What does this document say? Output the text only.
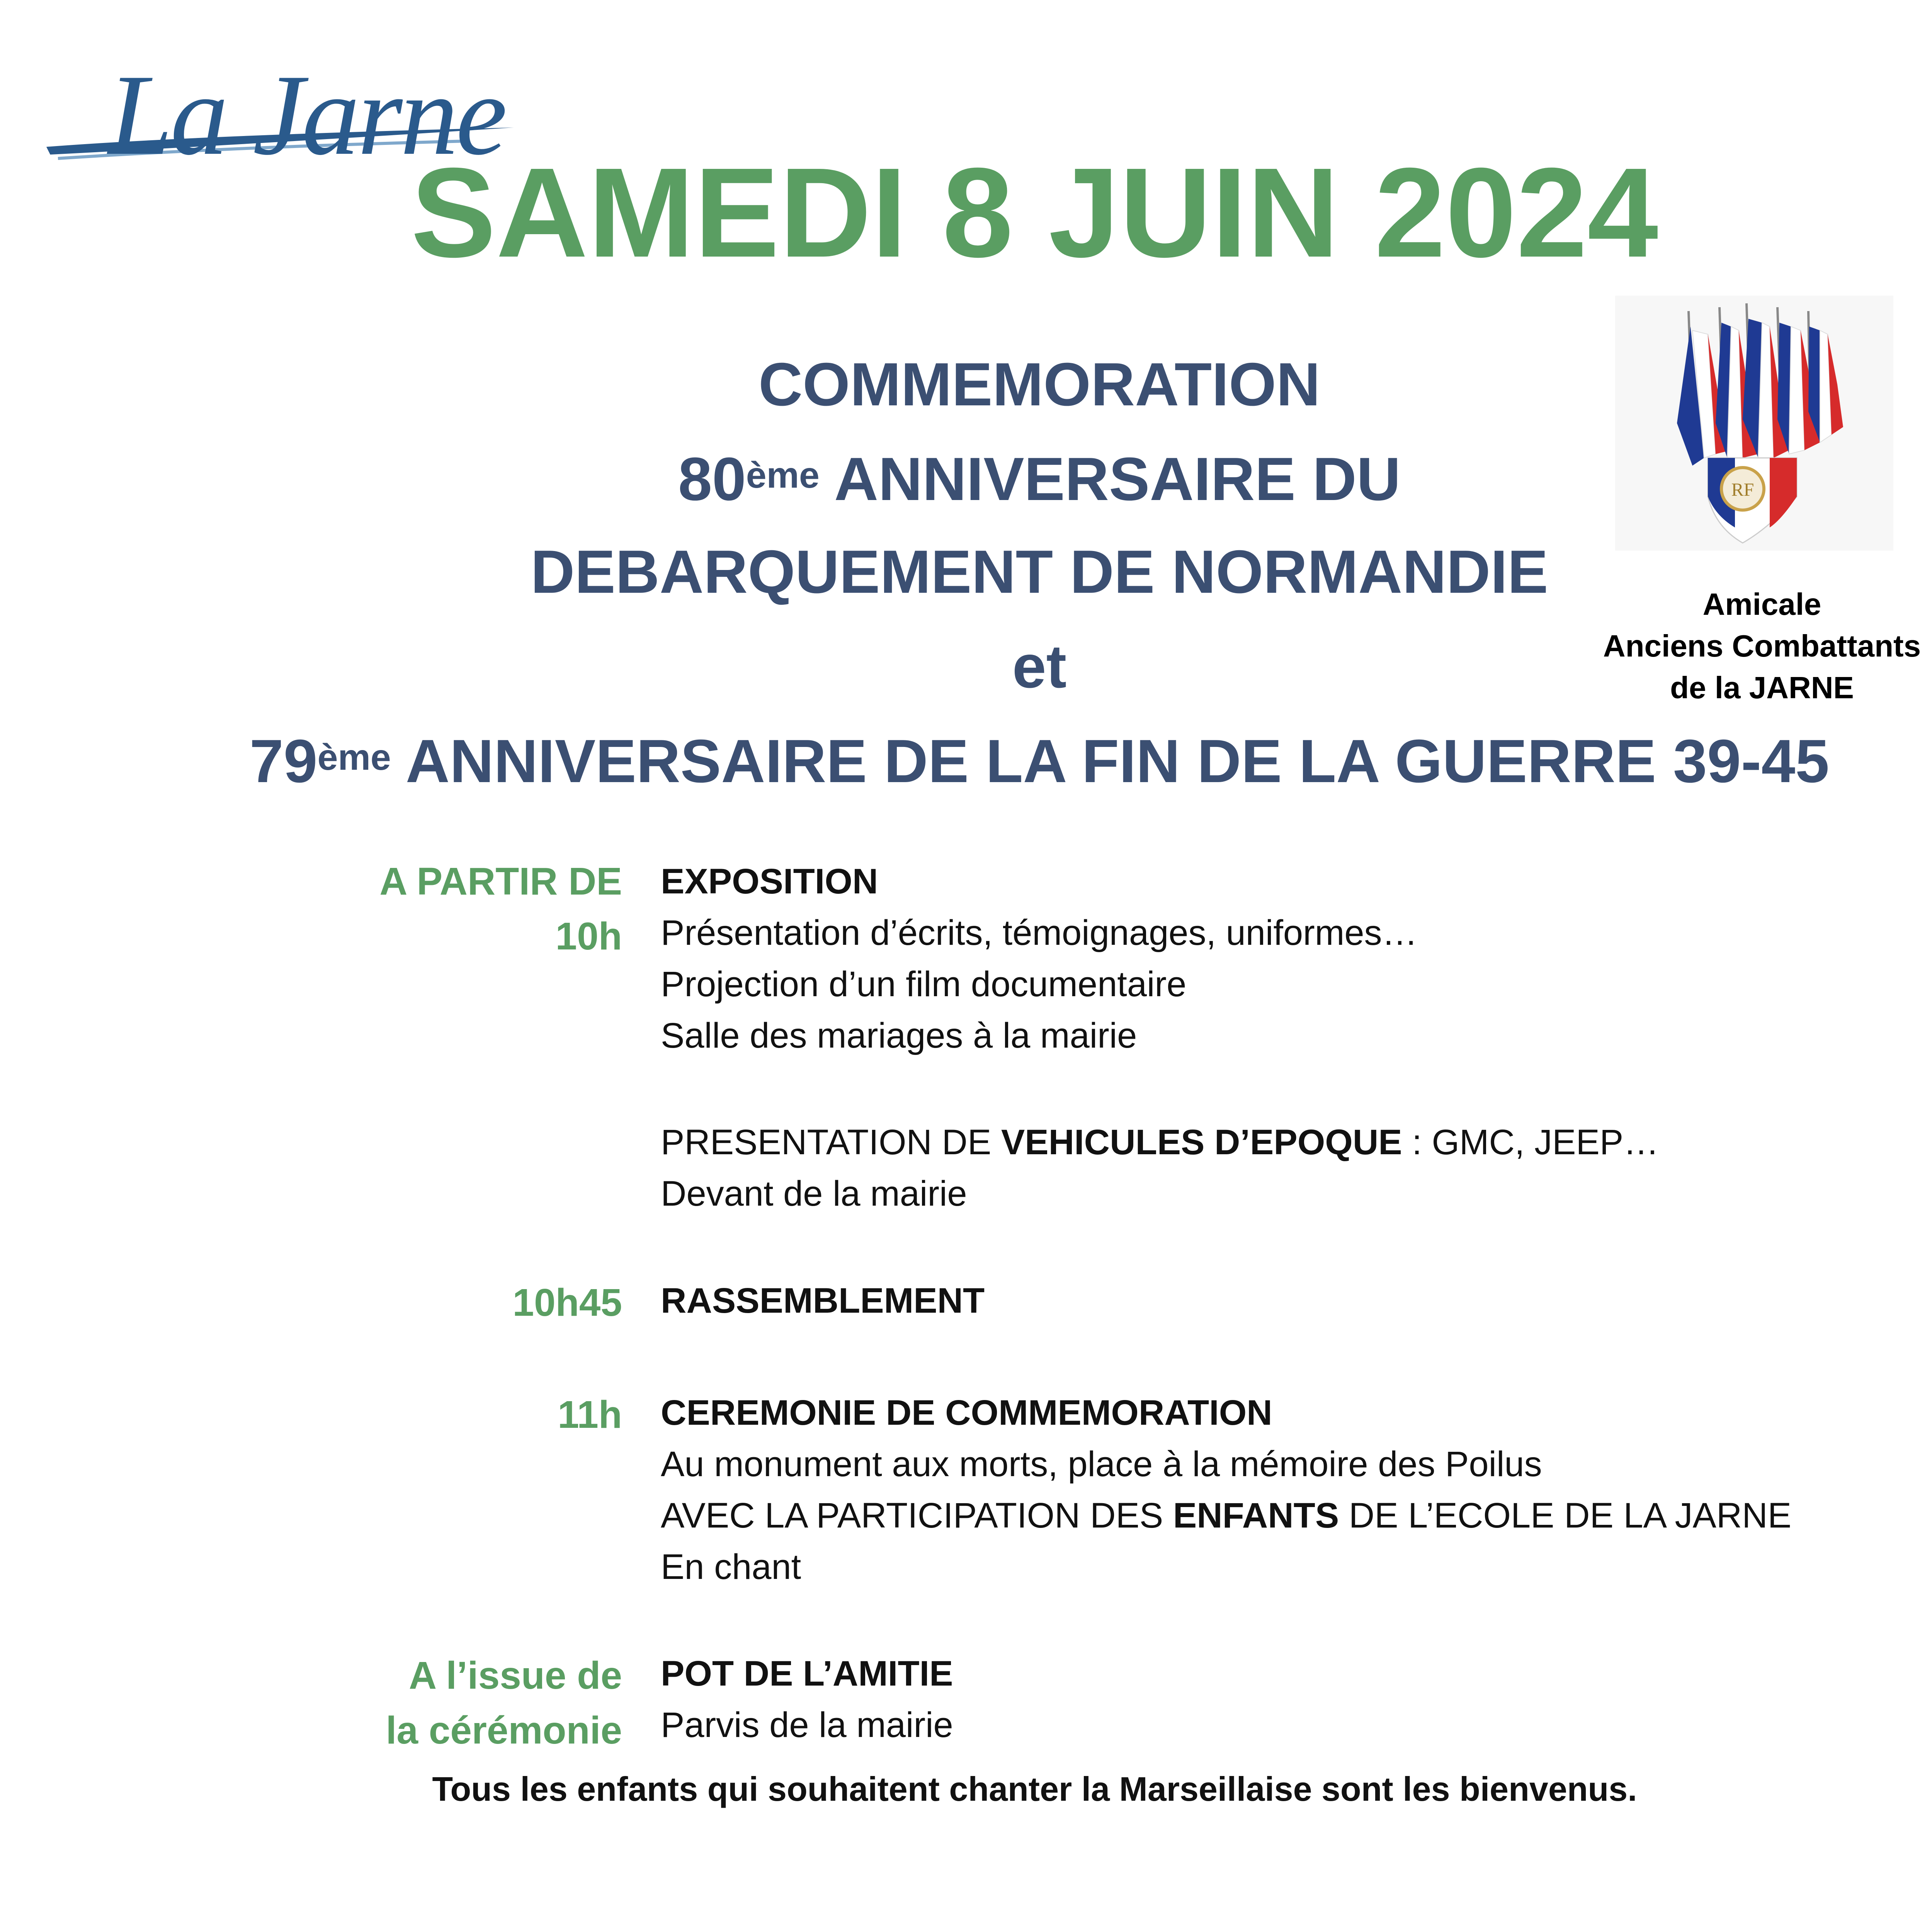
La Jarne
SAMEDI 8 JUIN 2024
COMMEMORATION
80ème ANNIVERSAIRE DU
DEBARQUEMENT DE NORMANDIE
et
79ème ANNIVERSAIRE DE LA FIN DE LA GUERRE 39-45
RF
Amicale
Anciens Combattants
de la JARNE
A PARTIR DE
10h
EXPOSITION
Présentation d’écrits, témoignages, uniformes…
Projection d’un film documentaire
Salle des mariages à la mairie
PRESENTATION DE VEHICULES D’EPOQUE : GMC, JEEP…
Devant de la mairie
10h45 RASSEMBLEMENT
11h CEREMONIE DE COMMEMORATION
Au monument aux morts, place à la mémoire des Poilus
AVEC LA PARTICIPATION DES ENFANTS DE L’ECOLE DE LA JARNE
En chant
A l’issue de
la cérémonie
POT DE L’AMITIE
Parvis de la mairie
Tous les enfants qui souhaitent chanter la Marseillaise sont les bienvenus.
